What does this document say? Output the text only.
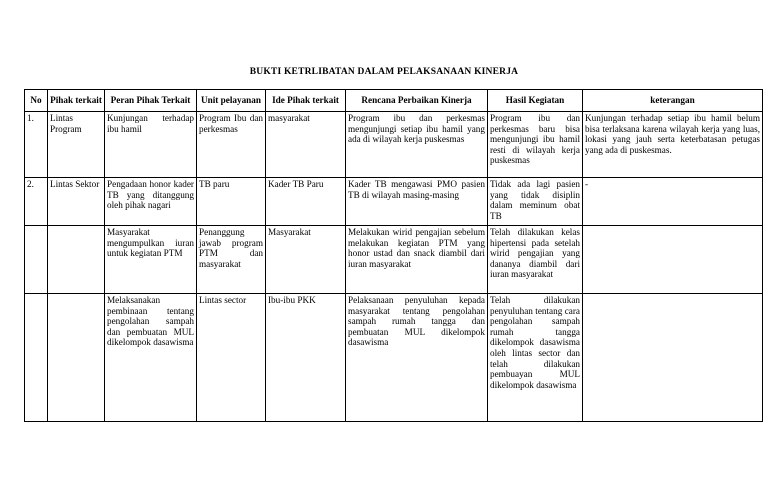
BUKTI KETRLIBATAN DALAM PELAKSANAAN KINERJA
No	Pihak terkait	Peran Pihak Terkait	Unit pelayanan	Ide Pihak terkait	Rencana Perbaikan Kinerja	Hasil Kegiatan	keterangan
1.	Lintas Program	Kunjungan terhadap ibu hamil	Program Ibu dan perkesmas	masyarakat	Program ibu dan perkesmas mengunjungi setiap ibu hamil yang ada di wilayah kerja puskesmas	Program ibu dan perkesmas baru bisa mengunjungi ibu hamil resti di wilayah kerja puskesmas	Kunjungan terhadap setiap ibu hamil belum bisa terlaksana karena wilayah kerja yang luas, lokasi yang jauh serta keterbatasan petugas yang ada di puskesmas.
2.	Lintas Sektor	Pengadaan honor kader TB yang ditanggung oleh pihak nagari	TB paru	Kader TB Paru	Kader TB mengawasi PMO pasien TB di wilayah masing-masing	Tidak ada lagi pasien yang tidak disiplin dalam meminum obat TB	-
		Masyarakat mengumpulkan iuran untuk kegiatan PTM	Penanggung jawab program PTM dan masyarakat	Masyarakat	Melakukan wirid pengajian sebelum melakukan kegiatan PTM yang honor ustad dan snack diambil dari iuran masyarakat	Telah dilakukan kelas hipertensi pada setelah wirid pengajian yang dananya diambil dari iuran masyarakat	
		Melaksanakan pembinaan tentang pengolahan sampah dan pembuatan MUL dikelompok dasawisma	Lintas sector	Ibu-ibu PKK	Pelaksanaan penyuluhan kepada masyarakat tentang pengolahan sampah rumah tangga dan pembuatan MUL dikelompok dasawisma	Telah dilakukan penyuluhan tentang cara pengolahan sampah rumah tangga dikelompok dasawisma oleh lintas sector dan telah dilakukan pembuayan MUL dikelompok dasawisma	
